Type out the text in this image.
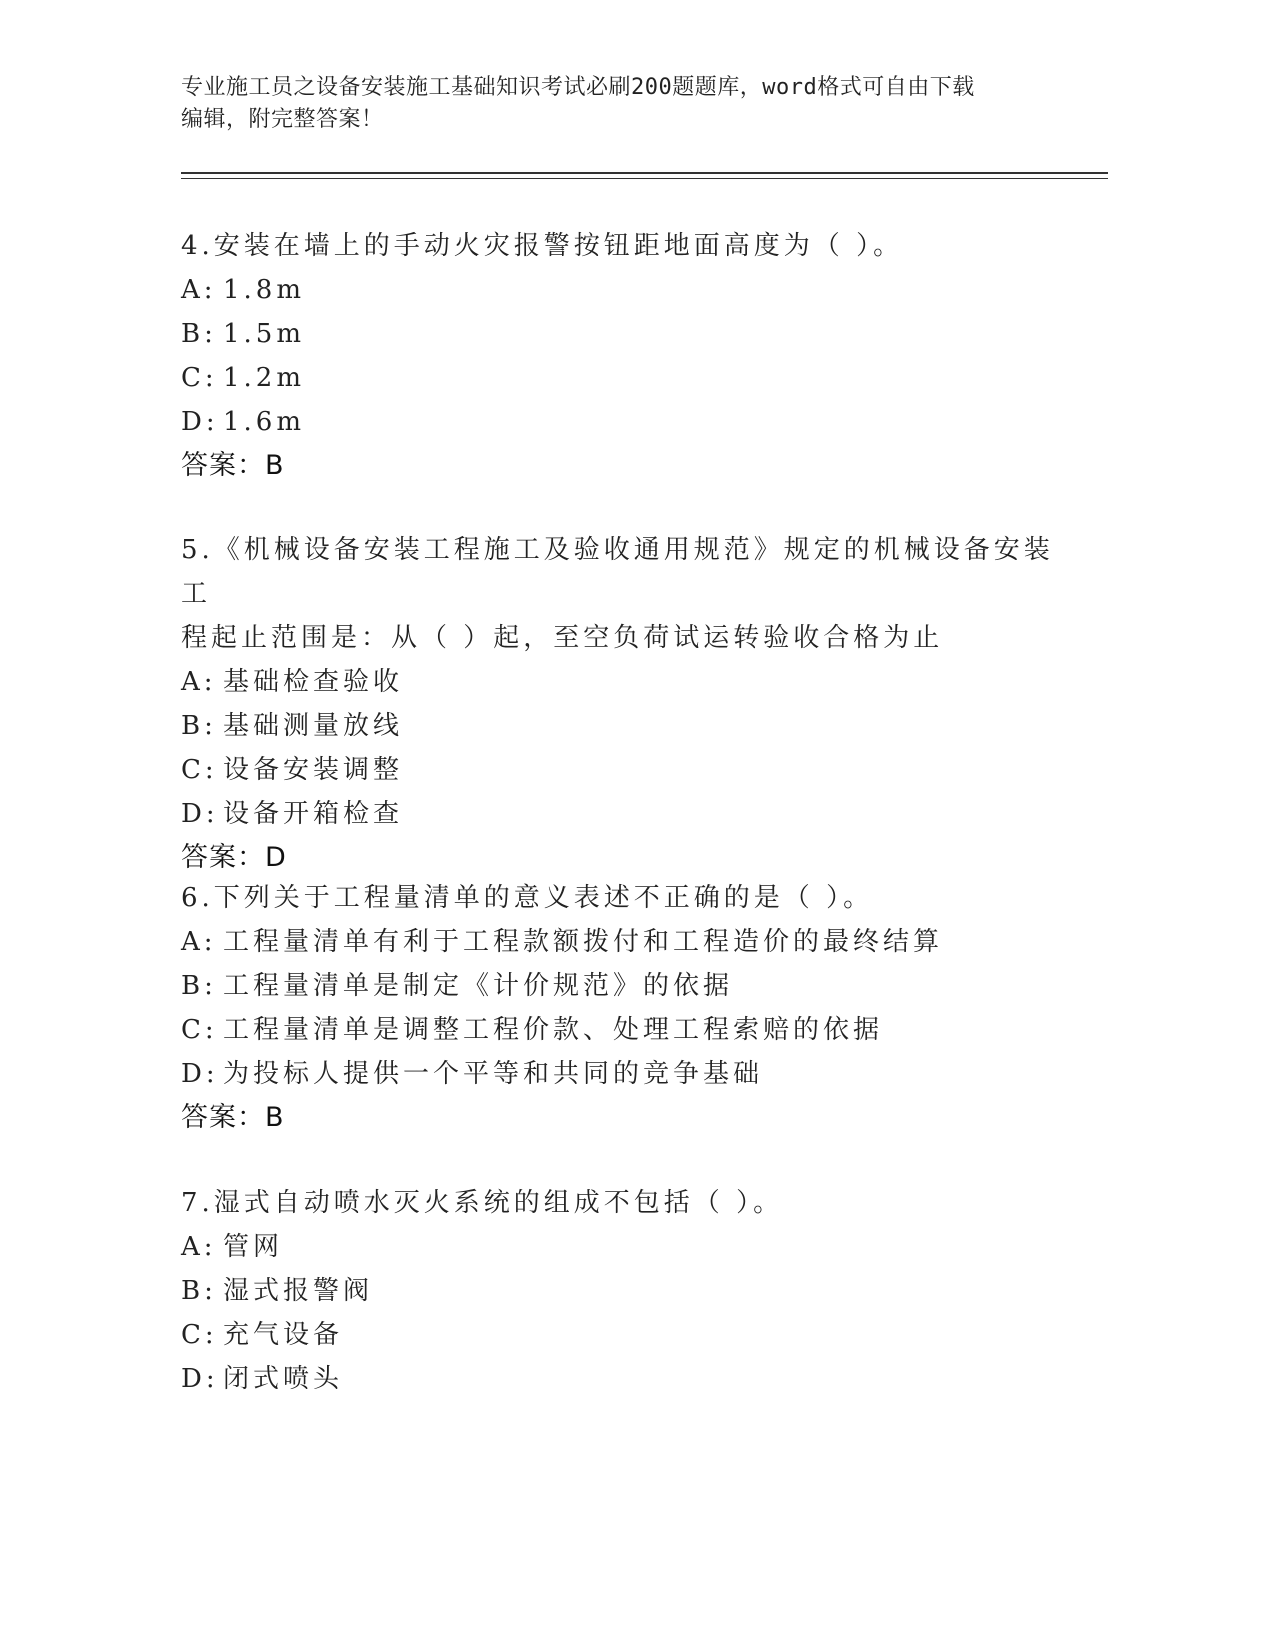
专业施工员之设备安装施工基础知识考试必刷200题题库，word格式可自由下载
编辑，附完整答案！
4.安装在墙上的手动火灾报警按钮距地面高度为（ ）。
A: 1.8m
B: 1.5m
C: 1.2m
D: 1.6m
答案：B
5.《机械设备安装工程施工及验收通用规范》规定的机械设备安装工
程起止范围是：从（ ）起，至空负荷试运转验收合格为止
A: 基础检查验收
B: 基础测量放线
C: 设备安装调整
D: 设备开箱检查
答案：D
6.下列关于工程量清单的意义表述不正确的是（ ）。
A: 工程量清单有利于工程款额拨付和工程造价的最终结算
B: 工程量清单是制定《计价规范》的依据
C: 工程量清单是调整工程价款、处理工程索赔的依据
D: 为投标人提供一个平等和共同的竞争基础
答案：B
7.湿式自动喷水灭火系统的组成不包括（ ）。
A: 管网
B: 湿式报警阀
C: 充气设备
D: 闭式喷头
